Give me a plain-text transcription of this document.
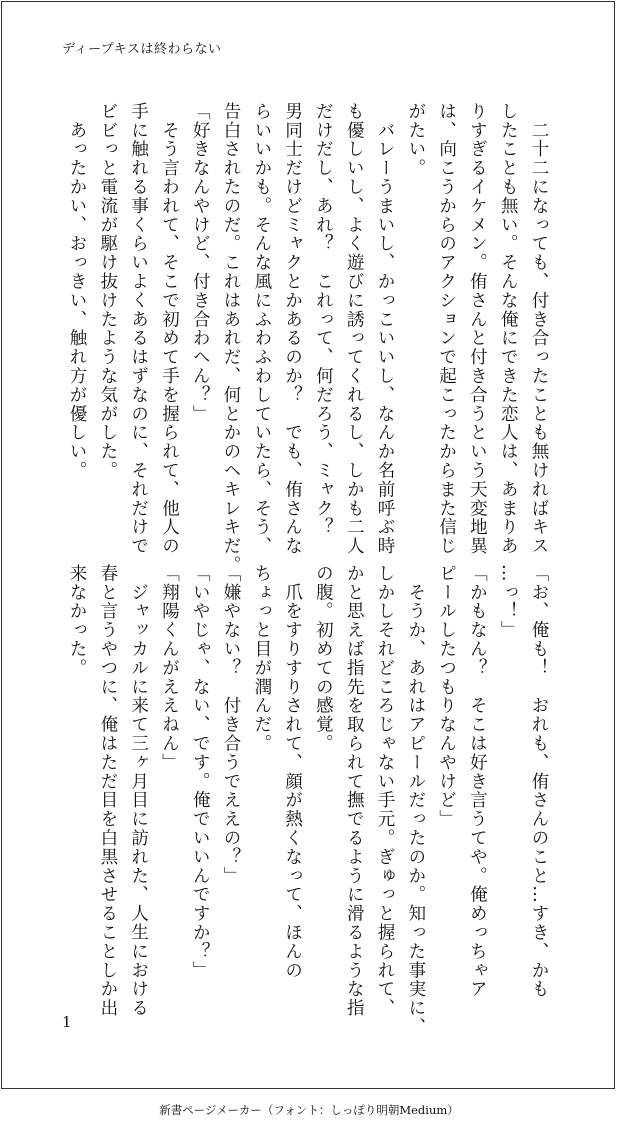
ディープキスは終わらない
　二十二になっても、付き合ったことも無ければキス
したことも無い。そんな俺にできた恋人は、あまりあ
りすぎるイケメン。侑さんと付き合うという天変地異
は、向こうからのアクションで起こったからまた信じ
がたい。
　バレーうまいし、かっこいいし、なんか名前呼ぶ時
も優しいし、よく遊びに誘ってくれるし、しかも二人
だけだし、あれ？　これって、何だろう、ミャク？
男同士だけどミャクとかあるのか？　でも、侑さんな
らいいかも。そんな風にふわふわしていたら、そう、
告白されたのだ。これはあれだ、何とかのヘキレキだ。
「好きなんやけど、付き合わへん？」
　そう言われて、そこで初めて手を握られて、他人の
手に触れる事くらいよくあるはずなのに、それだけで
ビビっと電流が駆け抜けたような気がした。
　あったかい、おっきい、触れ方が優しい。
「お、俺も！　おれも、侑さんのこと…すき、かも
…っ！」
「かもなん？　そこは好き言うてや。俺めっちゃア
ピールしたつもりなんやけど」
　そうか、あれはアピールだったのか。知った事実に、
しかしそれどころじゃない手元。ぎゅっと握られて、
かと思えば指先を取られて撫でるように滑るような指
の腹。初めての感覚。
　爪をすりすりされて、顔が熱くなって、ほんの
ちょっと目が潤んだ。
「嫌やない？　付き合うでええの？」
「いやじゃ、ない、です。俺でいいんですか？」
「翔陽くんがええねん」
　ジャッカルに来て三ヶ月目に訪れた、人生における
春と言うやつに、俺はただ目を白黒させることしか出
来なかった。
1
新書ページメーカー（フォント：しっぽり明朝Medium）
